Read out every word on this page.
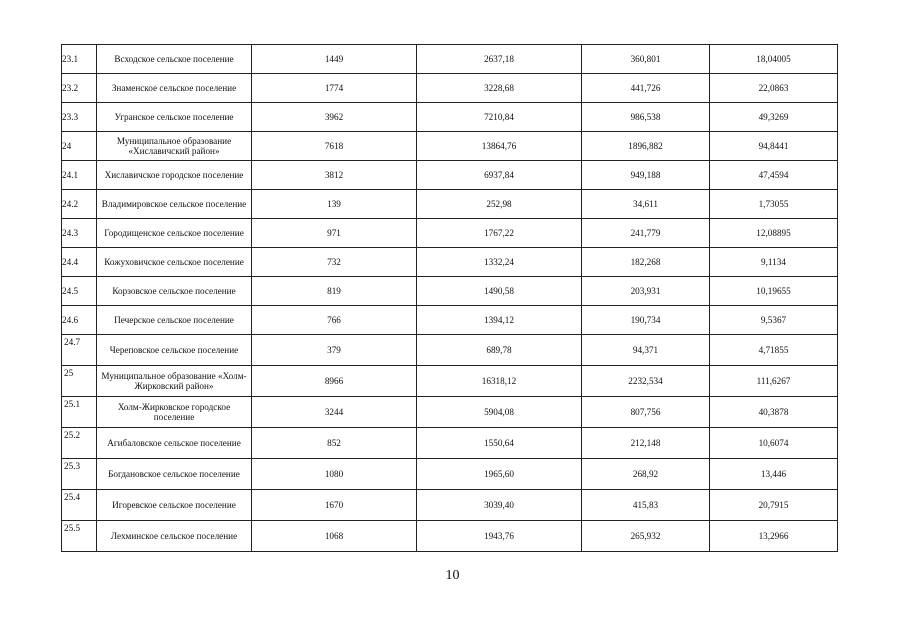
23.1	Всходское сельское поселение	1449	2637,18	360,801	18,04005
23.2	Знаменское сельское поселение	1774	3228,68	441,726	22,0863
23.3	Угранское сельское поселение	3962	7210,84	986,538	49,3269
24	Муниципальное образование «Хиславичский район»	7618	13864,76	1896,882	94,8441
24.1	Хиславичское городское поселение	3812	6937,84	949,188	47,4594
24.2	Владимировское сельское поселение	139	252,98	34,611	1,73055
24.3	Городищенское сельское поселение	971	1767,22	241,779	12,08895
24.4	Кожуховичское сельское поселение	732	1332,24	182,268	9,1134
24.5	Корзовское сельское поселение	819	1490,58	203,931	10,19655
24.6	Печерское сельское поселение	766	1394,12	190,734	9,5367
24.7	Череповское сельское поселение	379	689,78	94,371	4,71855
25	Муниципальное образование «Холм-Жирковский район»	8966	16318,12	2232,534	111,6267
25.1	Холм-Жирковское городское поселение	3244	5904,08	807,756	40,3878
25.2	Агибаловское сельское поселение	852	1550,64	212,148	10,6074
25.3	Богдановское сельское поселение	1080	1965,60	268,92	13,446
25.4	Игоревское сельское поселение	1670	3039,40	415,83	20,7915
25.5	Лехминское сельское поселение	1068	1943,76	265,932	13,2966
10
